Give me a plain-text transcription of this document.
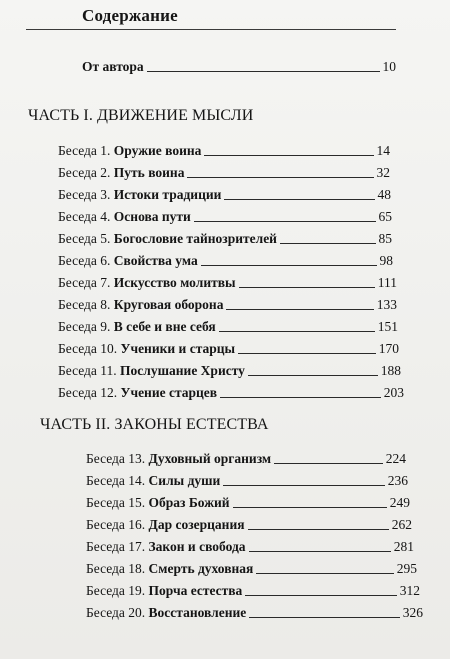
Содержание
От автора	10
ЧАСТЬ I. ДВИЖЕНИЕ МЫСЛИ
Беседа 1. Оружие воина	14
Беседа 2. Путь воина	32
Беседа 3. Истоки традиции	48
Беседа 4. Основа пути	65
Беседа 5. Богословие тайнозрителей	85
Беседа 6. Свойства ума	98
Беседа 7. Искусство молитвы	111
Беседа 8. Круговая оборона	133
Беседа 9. В себе и вне себя	151
Беседа 10. Ученики и старцы	170
Беседа 11. Послушание Христу	188
Беседа 12. Учение старцев	203
ЧАСТЬ II. ЗАКОНЫ ЕСТЕСТВА
Беседа 13. Духовный организм	224
Беседа 14. Силы души	236
Беседа 15. Образ Божий	249
Беседа 16. Дар созерцания	262
Беседа 17. Закон и свобода	281
Беседа 18. Смерть духовная	295
Беседа 19. Порча естества	312
Беседа 20. Восстановление	326
